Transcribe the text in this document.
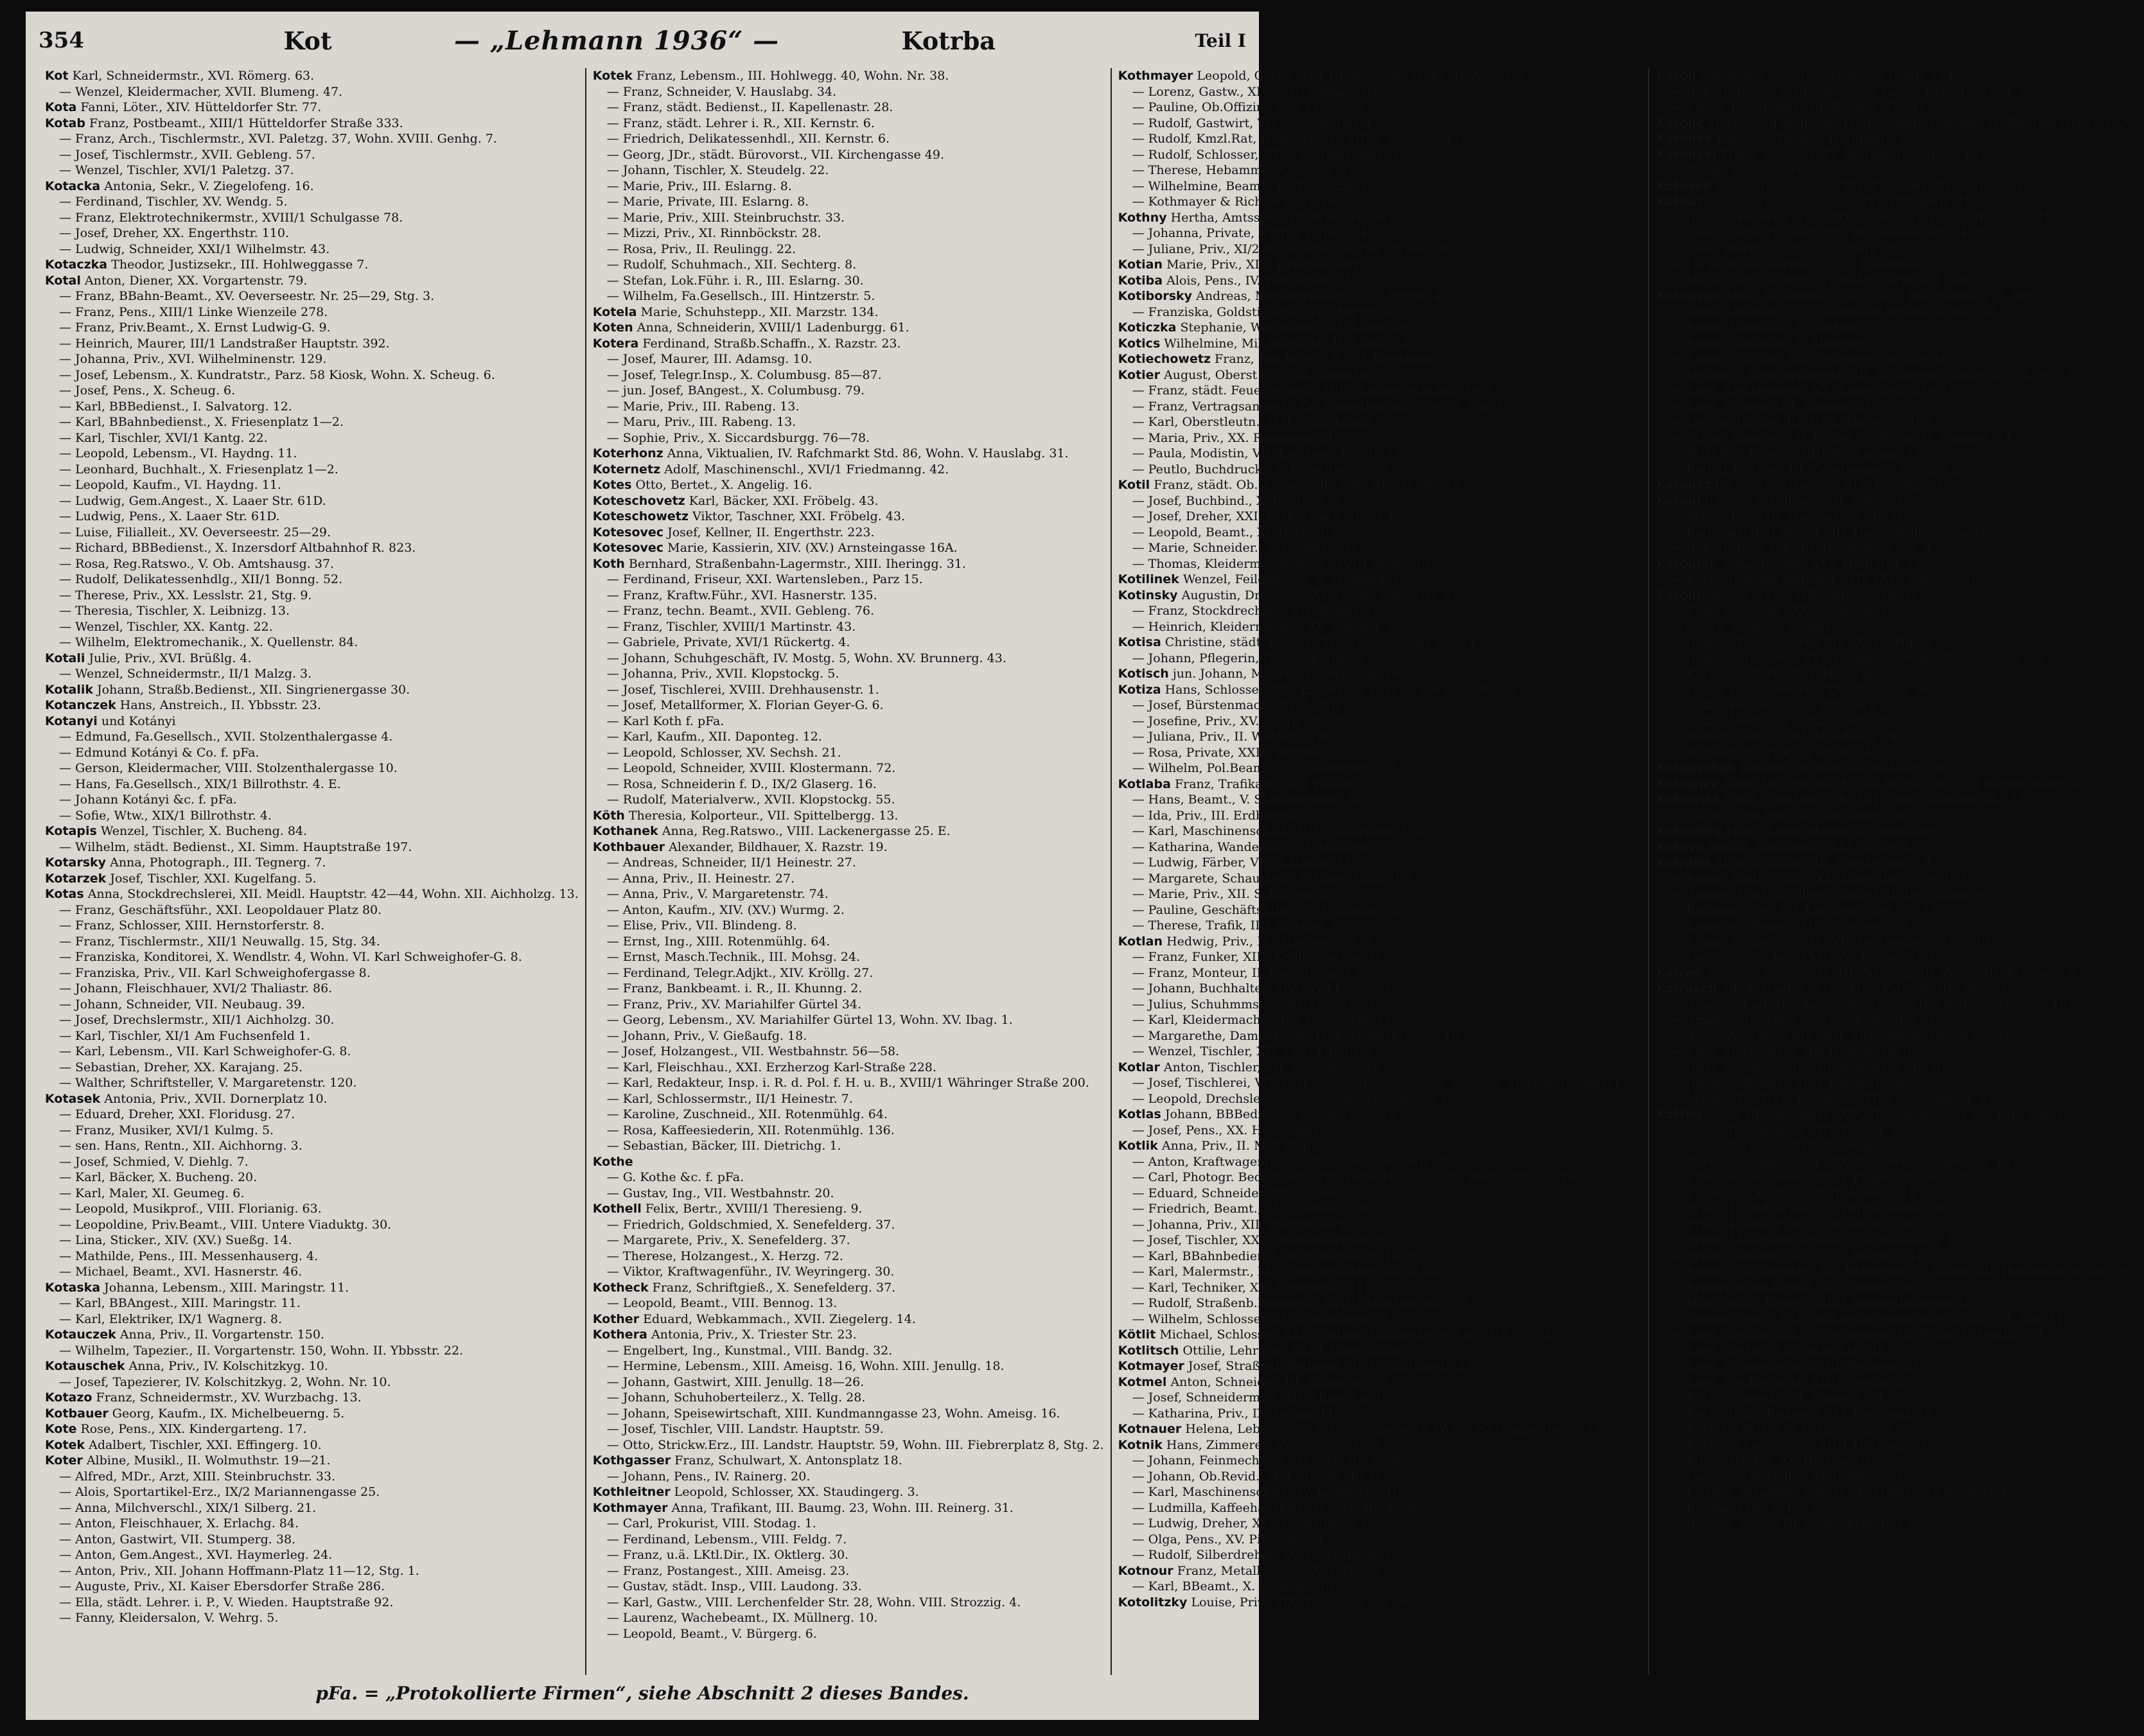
354	Kot	— „Lehmann 1936“ —	Kotrba	Teil I

Kot Karl, Schneidermstr., XVI. Römerg. 63.

— Wenzel, Kleidermacher, XVII. Blumeng. 47.

Kota Fanni, Löter., XIV. Hütteldorfer Str. 77.

Kotab Franz, Postbeamt., XIII/1 Hütteldorfer Straße 333.

— Franz, Arch., Tischlermstr., XVI. Paletzg. 37, Wohn. XVIII. Genhg. 7.

— Josef, Tischlermstr., XVII. Gebleng. 57.

— Wenzel, Tischler, XVI/1 Paletzg. 37.

Kotacka Antonia, Sekr., V. Ziegelofeng. 16.

— Ferdinand, Tischler, XV. Wendg. 5.

— Franz, Elektrotechnikermstr., XVIII/1 Schulgasse 78.

— Josef, Dreher, XX. Engerthstr. 110.

— Ludwig, Schneider, XXI/1 Wilhelmstr. 43.

Kotaczka Theodor, Justizsekr., III. Hohlweggasse 7.

Kotal Anton, Diener, XX. Vorgartenstr. 79.

— Franz, BBahn-Beamt., XV. Oeverseestr. Nr. 25—29, Stg. 3.

— Franz, Pens., XIII/1 Linke Wienzeile 278.

— Franz, Priv.Beamt., X. Ernst Ludwig-G. 9.

— Heinrich, Maurer, III/1 Landstraßer Hauptstr. 392.

— Johanna, Priv., XVI. Wilhelminenstr. 129.

— Josef, Lebensm., X. Kundratstr., Parz. 58 Kiosk, Wohn. X. Scheug. 6.

— Josef, Pens., X. Scheug. 6.

— Karl, BBBedienst., I. Salvatorg. 12.

— Karl, BBahnbedienst., X. Friesenplatz 1—2.

— Karl, Tischler, XVI/1 Kantg. 22.

— Leopold, Lebensm., VI. Haydng. 11.

— Leonhard, Buchhalt., X. Friesenplatz 1—2.

— Leopold, Kaufm., VI. Haydng. 11.

— Ludwig, Gem.Angest., X. Laaer Str. 61D.

— Ludwig, Pens., X. Laaer Str. 61D.

— Luise, Filialleit., XV. Oeverseestr. 25—29.

— Richard, BBBedienst., X. Inzersdorf Altbahnhof R. 823.

— Rosa, Reg.Ratswo., V. Ob. Amtshausg. 37.

— Rudolf, Delikatessenhdlg., XII/1 Bonng. 52.

— Therese, Priv., XX. Lesslstr. 21, Stg. 9.

— Theresia, Tischler, X. Leibnizg. 13.

— Wenzel, Tischler, XX. Kantg. 22.

— Wilhelm, Elektromechanik., X. Quellenstr. 84.

Kotali Julie, Priv., XVI. Brüßlg. 4.

— Wenzel, Schneidermstr., II/1 Malzg. 3.

Kotalik Johann, Straßb.Bedienst., XII. Singrienergasse 30.

Kotanczek Hans, Anstreich., II. Ybbsstr. 23.

Kotanyi und Kotányi

— Edmund, Fa.Gesellsch., XVII. Stolzenthalergasse 4.

— Edmund Kotányi & Co. f. pFa.

— Gerson, Kleidermacher, VIII. Stolzenthalergasse 10.

— Hans, Fa.Gesellsch., XIX/1 Billrothstr. 4. E.

— Johann Kotányi &c. f. pFa.

— Sofie, Wtw., XIX/1 Billrothstr. 4.

Kotapis Wenzel, Tischler, X. Bucheng. 84.

— Wilhelm, städt. Bedienst., XI. Simm. Hauptstraße 197.

Kotarsky Anna, Photograph., III. Tegnerg. 7.

Kotarzek Josef, Tischler, XXI. Kugelfang. 5.

Kotas Anna, Stockdrechslerei, XII. Meidl. Hauptstr. 42—44, Wohn. XII. Aichholzg. 13.

— Franz, Geschäftsführ., XXI. Leopoldauer Platz 80.

— Franz, Schlosser, XIII. Hernstorferstr. 8.

— Franz, Tischlermstr., XII/1 Neuwallg. 15, Stg. 34.

— Franziska, Konditorei, X. Wendlstr. 4, Wohn. VI. Karl Schweighofer-G. 8.

— Franziska, Priv., VII. Karl Schweighofergasse 8.

— Johann, Fleischhauer, XVI/2 Thaliastr. 86.

— Johann, Schneider, VII. Neubaug. 39.

— Josef, Drechslermstr., XII/1 Aichholzg. 30.

— Karl, Tischler, XI/1 Am Fuchsenfeld 1.

— Karl, Lebensm., VII. Karl Schweighofer-G. 8.

— Sebastian, Dreher, XX. Karajang. 25.

— Walther, Schriftsteller, V. Margaretenstr. 120.

Kotasek Antonia, Priv., XVII. Dornerplatz 10.

— Eduard, Dreher, XXI. Floridusg. 27.

— Franz, Musiker, XVI/1 Kulmg. 5.

— sen. Hans, Rentn., XII. Aichhorng. 3.

— Josef, Schmied, V. Diehlg. 7.

— Karl, Bäcker, X. Bucheng. 20.

— Karl, Maler, XI. Geumeg. 6.

— Leopold, Musikprof., VIII. Florianig. 63.

— Leopoldine, Priv.Beamt., VIII. Untere Viaduktg. 30.

— Lina, Sticker., XIV. (XV.) Sueßg. 14.

— Mathilde, Pens., III. Messenhauserg. 4.

— Michael, Beamt., XVI. Hasnerstr. 46.

Kotaska Johanna, Lebensm., XIII. Maringstr. 11.

— Karl, BBAngest., XIII. Maringstr. 11.

— Karl, Elektriker, IX/1 Wagnerg. 8.

Kotauczek Anna, Priv., II. Vorgartenstr. 150.

— Wilhelm, Tapezier., II. Vorgartenstr. 150, Wohn. II. Ybbsstr. 22.

Kotauschek Anna, Priv., IV. Kolschitzkyg. 10.

— Josef, Tapezierer, IV. Kolschitzkyg. 2, Wohn. Nr. 10.

Kotazo Franz, Schneidermstr., XV. Wurzbachg. 13.

Kotbauer Georg, Kaufm., IX. Michelbeuerng. 5.

Kote Rose, Pens., XIX. Kindergarteng. 17.

Kotek Adalbert, Tischler, XXI. Effingerg. 10.

Koter Albine, Musikl., II. Wolmuthstr. 19—21.

— Alfred, MDr., Arzt, XIII. Steinbruchstr. 33.

— Alois, Sportartikel-Erz., IX/2 Mariannengasse 25.

— Anna, Milchverschl., XIX/1 Silberg. 21.

— Anton, Fleischhauer, X. Erlachg. 84.

— Anton, Gastwirt, VII. Stumperg. 38.

— Anton, Gem.Angest., XVI. Haymerleg. 24.

— Anton, Priv., XII. Johann Hoffmann-Platz 11—12, Stg. 1.

— Auguste, Priv., XI. Kaiser Ebersdorfer Straße 286.

— Ella, städt. Lehrer. i. P., V. Wieden. Hauptstraße 92.

— Fanny, Kleidersalon, V. Wehrg. 5.

Kotek Franz, Lebensm., III. Hohlwegg. 40, Wohn. Nr. 38.

— Franz, Schneider, V. Hauslabg. 34.

— Franz, städt. Bedienst., II. Kapellenastr. 28.

— Franz, städt. Lehrer i. R., XII. Kernstr. 6.

— Friedrich, Delikatessenhdl., XII. Kernstr. 6.

— Georg, JDr., städt. Bürovorst., VII. Kirchengasse 49.

— Johann, Tischler, X. Steudelg. 22.

— Marie, Priv., III. Eslarng. 8.

— Marie, Private, III. Eslarng. 8.

— Marie, Priv., XIII. Steinbruchstr. 33.

— Mizzi, Priv., XI. Rinnböckstr. 28.

— Rosa, Priv., II. Reulingg. 22.

— Rudolf, Schuhmach., XII. Sechterg. 8.

— Stefan, Lok.Führ. i. R., III. Eslarng. 30.

— Wilhelm, Fa.Gesellsch., III. Hintzerstr. 5.

Kotela Marie, Schuhstepp., XII. Marzstr. 134.

Koten Anna, Schneiderin, XVIII/1 Ladenburgg. 61.

Kotera Ferdinand, Straßb.Schaffn., X. Razstr. 23.

— Josef, Maurer, III. Adamsg. 10.

— Josef, Telegr.Insp., X. Columbusg. 85—87.

— jun. Josef, BAngest., X. Columbusg. 79.

— Marie, Priv., III. Rabeng. 13.

— Maru, Priv., III. Rabeng. 13.

— Sophie, Priv., X. Siccardsburgg. 76—78.

Koterhonz Anna, Viktualien, IV. Rafchmarkt Std. 86, Wohn. V. Hauslabg. 31.

Koternetz Adolf, Maschinenschl., XVI/1 Friedmanng. 42.

Kotes Otto, Bertet., X. Angelig. 16.

Koteschovetz Karl, Bäcker, XXI. Fröbelg. 43.

Koteschowetz Viktor, Taschner, XXI. Fröbelg. 43.

Kotesovec Josef, Kellner, II. Engerthstr. 223.

Kotesovec Marie, Kassierin, XIV. (XV.) Arnsteingasse 16A.

Koth Bernhard, Straßenbahn-Lagermstr., XIII. Iheringg. 31.

— Ferdinand, Friseur, XXI. Wartensleben., Parz 15.

— Franz, Kraftw.Führ., XVI. Hasnerstr. 135.

— Franz, techn. Beamt., XVII. Gebleng. 76.

— Franz, Tischler, XVIII/1 Martinstr. 43.

— Gabriele, Private, XVI/1 Rückertg. 4.

— Johann, Schuhgeschäft, IV. Mostg. 5, Wohn. XV. Brunnerg. 43.

— Johanna, Priv., XVII. Klopstockg. 5.

— Josef, Tischlerei, XVIII. Drehhausenstr. 1.

— Josef, Metallformer, X. Florian Geyer-G. 6.

— Karl Koth f. pFa.

— Karl, Kaufm., XII. Daponteg. 12.

— Leopold, Schlosser, XV. Sechsh. 21.

— Leopold, Schneider, XVIII. Klostermann. 72.

— Rosa, Schneiderin f. D., IX/2 Glaserg. 16.

— Rudolf, Materialverw., XVII. Klopstockg. 55.

Köth Theresia, Kolporteur., VII. Spittelbergg. 13.

Kothanek Anna, Reg.Ratswo., VIII. Lackenergasse 25. E.

Kothbauer Alexander, Bildhauer, X. Razstr. 19.

— Andreas, Schneider, II/1 Heinestr. 27.

— Anna, Priv., II. Heinestr. 27.

— Anna, Priv., V. Margaretenstr. 74.

— Anton, Kaufm., XIV. (XV.) Wurmg. 2.

— Elise, Priv., VII. Blindeng. 8.

— Ernst, Ing., XIII. Rotenmühlg. 64.

— Ernst, Masch.Technik., III. Mohsg. 24.

— Ferdinand, Telegr.Adjkt., XIV. Kröllg. 27.

— Franz, Bankbeamt. i. R., II. Khunng. 2.

— Franz, Priv., XV. Mariahilfer Gürtel 34.

— Georg, Lebensm., XV. Mariahilfer Gürtel 13, Wohn. XV. Ibag. 1.

— Johann, Priv., V. Gießaufg. 18.

— Josef, Holzangest., VII. Westbahnstr. 56—58.

— Karl, Fleischhau., XXI. Erzherzog Karl-Straße 228.

— Karl, Redakteur, Insp. i. R. d. Pol. f. H. u. B., XVIII/1 Währinger Straße 200.

— Karl, Schlossermstr., II/1 Heinestr. 7.

— Karoline, Zuschneid., XII. Rotenmühlg. 64.

— Rosa, Kaffeesiederin, XII. Rotenmühlg. 136.

— Sebastian, Bäcker, III. Dietrichg. 1.

Kothe

— G. Kothe &c. f. pFa.

— Gustav, Ing., VII. Westbahnstr. 20.

Kothell Felix, Bertr., XVIII/1 Theresieng. 9.

— Friedrich, Goldschmied, X. Senefelderg. 37.

— Margarete, Priv., X. Senefelderg. 37.

— Therese, Holzangest., X. Herzg. 72.

— Viktor, Kraftwagenführ., IV. Weyringerg. 30.

Kotheck Franz, Schriftgieß., X. Senefelderg. 37.

— Leopold, Beamt., VIII. Bennog. 13.

Kother Eduard, Webkammach., XVII. Ziegelerg. 14.

Kothera Antonia, Priv., X. Triester Str. 23.

— Engelbert, Ing., Kunstmal., VIII. Bandg. 32.

— Hermine, Lebensm., XIII. Ameisg. 16, Wohn. XIII. Jenullg. 18.

— Johann, Gastwirt, XIII. Jenullg. 18—26.

— Johann, Schuhoberteilerz., X. Tellg. 28.

— Johann, Speisewirtschaft, XIII. Kundmanngasse 23, Wohn. Ameisg. 16.

— Josef, Tischler, VIII. Landstr. Hauptstr. 59.

— Otto, Strickw.Erz., III. Landstr. Hauptstr. 59, Wohn. III. Fiebrerplatz 8, Stg. 2.

Kothgasser Franz, Schulwart, X. Antonsplatz 18.

— Johann, Pens., IV. Rainerg. 20.

Kothleitner Leopold, Schlosser, XX. Staudingerg. 3.

Kothmayer Anna, Trafikant, III. Baumg. 23, Wohn. III. Reinerg. 31.

— Carl, Prokurist, VIII. Stodag. 1.

— Ferdinand, Lebensm., VIII. Feldg. 7.

— Franz, u.ä. LKtl.Dir., IX. Oktlerg. 30.

— Franz, Postangest., XIII. Ameisg. 23.

— Gustav, städt. Insp., VIII. Laudong. 33.

— Karl, Gastw., VIII. Lerchenfelder Str. 28, Wohn. VIII. Strozzig. 4.

— Laurenz, Wachebeamt., IX. Müllnerg. 10.

— Leopold, Beamt., V. Bürgerg. 6.

Kothmayer Leopold, Gastw., II/1 Heinestr. 30, Wohn. II. Aloisg. 1.

— Lorenz, Gastw., XIV. (XV.) Ullmannstr. 55.

— Pauline, Ob.Offizin., IX/1 Kruseg. 2.

— Rudolf, Gastwirt, VII. Gutenbergg. 13.

— Rudolf, Kmzl.Rat, Holzverbrkt., XIII/1 Auhofstr. 118.

— Rudolf, Schlosser, XXI/5 Wurmbrandg. 3.

— Therese, Hebamme, X. Waldg. 54.

— Wilhelmine, Beamt., IV. Kaunitzg. 1.

— Kothmayer & Richter &c. f. pFa.

Kothny Hertha, Amtssekr., IX. Wiederhoferg. 5.

— Johanna, Private, XVIII/1 Riglerg. 4.

— Juliane, Priv., XI/2 Kaiser-Ebersdorfer Straße 290.

Kotian Marie, Priv., XIII. Drechausestr. 7.

Kotiba Alois, Pens., IV. Wohllebeng. 5.

Kotiborsky Andreas, Metalldrucker, XVI/2 Hippg. 4.

— Franziska, Goldstickerei, XVI. Hippg. 4.

Koticzka Stephanie, Weißnäher., III. Klimschg. 30.

Kotics Wilhelmine, Milchverschl., II. Floßg. 1A.

Kotiechowetz Franz, Bez.Insp. i. R., VI. Bredanstr. 5.

Kotier August, Oberst i. R., XX. Brigittag. 5.

— Franz, städt. Feuerwehrm., XVI. Maulbertschplatz 4—5.

— Franz, Vertragsangest., XX. Engerthstraße 83—97, Stg. 13.

— Karl, Oberstleutn., IX/1 Schlickplatz 6.

— Maria, Priv., XX. Romanog. 21.

— Paula, Modistin, VII. Lerchenfeld. Str. 13.

— Peutlo, Buchdruck., X. Favoritenstr. 29.

Kotil Franz, städt. Ob. Amtsgehilfe i. R., XI/2 Dorfg. 13.

— Josef, Buchbind., X. Rumbyg. 3.

— Josef, Dreher, XXI. Erzherzog Karl-Str. 65—79.

— Leopold, Beamt., XI. Dorfg. 63.

— Marie, Schneider., X. Leibnizg. 36.

— Thomas, Kleidermachermstr., XVI/1 Wattg. 61.

Kotilinek Wenzel, Feilenhauer, X. Weldeng. 16.

Kotinsky Augustin, Drechsler, XV. Goldschlaggasse 23.

— Franz, Stockdrechsler, XII. Bonng. 16—18.

— Heinrich, Kleidermacher, XV. Kanneg. 16.

Kotisa Christine, städt. Lehrer., XI. Schönbrunner Str. 44.

— Johann, Pflegerin, II. Gr. Sperlg. 36.

Kotisch jun. Johann, Maurer, V. Johannag. 19.

Kotiza Hans, Schlosser, XXI. Erzherzog Karl-Straße 65—79, Stg. 9.

— Josef, Bürstenmach., XV. Löhrg. 28.

— Josefine, Priv., XV. Löhrg. 28, Stg. 3.

— Juliana, Priv., II. Wehlistr. 140.

— Rosa, Private, XXI/3 Ruthnerg. 16.

— Wilhelm, Pol.Beamt., II/1 Radingerstr. 9.

Kotlaba Franz, Trafikant, III/1 Fasang. 52.

— Hans, Beamt., V. Schönbrunner Str. 35.

— Ida, Priv., III. Erdbergstr. 28.

— Karl, Maschinenschlof., II/1 Zufahrtsstr. 132.

— Katharina, Wanderhdl., VI. Mollardg. 37.

— Ludwig, Färber, VI. Mollardg. 37.

— Margarete, Schausteil., X. Laaer Wald 105.

— Marie, Priv., XII. Schallerg. 23.

— Pauline, Geschäftsführ., VI. Mollardg. 32.

— Therese, Trafik, II/1 Zirkusg. 7.

Kotlan Hedwig, Priv., IX. Alserbachstr. 7.

— Franz, Funker, XIII. Kanitscherweg 6.

— Franz, Monteur, II. Gestetteng. 1A.

— Johann, Buchhalter, XIV. (XV.) Fenzlg. 1.

— Julius, Schuhmmstr., XXI/3 Oberdorfstr. 27.

— Karl, Kleidermacher, II/1 Leopoldsg. 11.

— Margarethe, Damenkleid., IV. Kolschitzkygasse 19.

— Wenzel, Tischler, XIV. (XV.) Pillerg. 13.

Kotlar Anton, Tischler, XII. Wolfgangg. 48.

— Josef, Tischlerei, VII. Karl Schweighofergasse 8, Wohn. V. Margaretengürtel 22.

— Leopold, Drechslermstr., V. Schwarzhorngasse 10.

Kotlas Johann, BBBedienst., II. Am Tabor 14.

— Josef, Pens., XX. Hellwagstr. 21.

Kotlik Anna, Priv., II. Malfattig. 1—5.

— Anton, Kraftwagenführ., XXI/5 Steinbrecherg. 38.

— Carl, Photogr. Bedarfsart., XIX. Döbl. Hauptstr. 26, Wohn. XXI. Carrog. 13—17.

— Eduard, Schneider, XIX. Cobenzlg. 101.

— Friedrich, Beamt., XVII. Gebleng. 93.

— Johanna, Priv., XII. Pachmüllerg. 3.

— Josef, Tischler, XXI. Shuttleworthstr. 9.

— Karl, BBahnbedienst., II. Schüttaustr. 1—39.

— Karl, Malermstr., XVI. Lerchenfelder Gürtel 24.

— Karl, Techniker, XX. Engerthstr. 112.

— Rudolf, Straßenb.Bedienst., XVII/1 Montleartstr. 53.

— Wilhelm, Schlosser, XV. Brunhildeng. 3.

Kötlit Michael, Schlosser, XXI. Stadlau, Mühlwaberg, Parz. R.P. 350/4.

Kotlitsch Ottilie, Lehrerin, XXI/1 Flurschützstr. 8.

Kotmayer Josef, Straßenb.Bedienst., II/3 Schüttaustr. 29.

Kotmel Anton, Schneider, III. Klimschg. 20.

— Josef, Schneidermstr., III. Klimschg. 17.

— Katharina, Priv., IX. Bergg. 11.

Kotnauer Helena, Lebensm., XX. Wintergasse 33, Wohn. XX. Pappenheim. 49.

Kotnik Hans, Zimmerer, XVI. Seebödg. 24.

— Johann, Feinmechanik., IX. Strudlhofg. 8.

— Johann, Ob.Revid., IX/1 Strudlhofg. 8.

— Karl, Maschinenschlof., IV. Lambertg. 16.

— Ludmilla, Kaffeehausbed., IX. Strudlhofg. 8.

— Ludwig, Dreher, XVI. Pilgerimg. 13.

— Olga, Pens., XV. Pilgerimg. 13.

— Rudolf, Silberdreher, XV. Tautenhang. 12.

Kotnour Franz, Metallschleif., XVI. Hippg. 32.

— Karl, BBeamt., X. Senefelderg. 23.

Kotolitzky Louise, Priv., XIX. Weimarer Str. 96.

Koton Oskar, Ing., XX. Brigittenauer Lände 134.

— Robert, Ing., XX. Brigittenauer Lände 134—136, Stg. 2.

— Viktor, Priv.Beamt., III. Baumg. 37—41.

Kotonc Maria, Geflügelhdlg., IV. Rafchmarkt, Wohn. XI. Breitenfurter Str. 26.

Kotonek Karoline, Beamt., II. Jungstr. 8.

Kotonski Franz, Juwelier, XV. Mariahilfer Straße 131.

— Marie, V. Schönbrunner Str. 85.

Kotosek Josef, Modelltischl., XXI. Fultonstr. Nr. 5—15, Stg. 3.

Kotouc Auguste, städt. Angest., XVI. Effingerg. 31.

— Johann, Feuerwehrm., XXI. Schwarzlackenau, Hauptstr. 21.

— Josef, Gastwirtschaft, XXI. Breitenleer Str. 24. E.

— Josef, Werkführ., XII/1 Ruckerg. 49.

— Leopold, Kleidermach., XX. Traunfelsg. 6.

— Marie, Geflügelhdlg., IV. Rafchmarkt Std. 304.

Kotoucek Adolf, Schuhmach., XIV. (XV.) Reichsapfelg. 9, Stg. 2.

— Anna, Lebensm., XXI. Jedleseer Straße Nr. 68—94.

— Franz, Buchhalt., V. Garteng. 6.

— Franz, Schlosser, V. Alzingerg. 6.

— Franz, Tischler, XXI. Jedleseer Str. 68—94.

— Heinrich, Vertragsangest., III. Erdberger Lände 52—54, Stg. 10.

— Josef, Elektromont., XX. Engerthstr. 83—97.

— Josef, Friseur, II/1 Rueppg. 24.

— Lorenz, Bäcker, III. Heiß. Hauptstr. 108.

— Marie, Karussell, II. Prater 69, Wohn. II. Rueppg. 24.

— Mathilde, Private, III/1 Wolfgangg. 33.

— Rudolf, Gärtner, III. Grasbergerg. 4, Stg. 42.

Kotoucz Johann, Ind.Angest., XIX. Friedlg. 24.

Kotoul Johann, Schriftsetz., II. Lußtg. 12.

— Marie, Priv., III. Hainburger Str. 41.

— Raimund, Berf.Beamt., III. Hagenmüllergasse 16.

— Robert, Insp. i. P., III. Hainburger Str. 47.

Kotoulek Anna, Beamt., XVI. Hofftattg. 14.

— Karl, Straßenb.Bedienst., XIV. (XV.) Johnstr. 39.

Kotoun Alojsia, Priv., XIII. Miffindorferstr. 25.

— Elise, Lebensm., XX. Othmarg. 16.

— Georg, Pens., V. Zaunerstr. 81.

— Johann, Bronzewaren-Erz., XVI/2 Hippg. 20.

— Johann, Metallwr., XVI. Hippg. 20, Wohn. XV. Gableng. 33.

— Karl, Metallarb., XVI. Haberlg. 5.

— Laura, Gebäudeverw., XX. Othmarg. 16.

— Oskar, Kellner, XXI/1 Effingerg. 31.

— Oskar, Mechanik., XXI. Avedikstr. 27.

— Rudolf, Gastw., XIII. Mondweg, Parz. 6.

— Wilhelm, XXI/1 Kupperschg. 4.

Kotouschek Johann, Tischler, XX. Rafaelg. 28.

Kotowicz Adolf, JDr., Fin.Rat b. Tab.Regie i. R., IX/1 Bereinsstiege 4.

Kotowski Ernst, Oberlehr. i. R., II/1 Obere Donaustraße 33.

— Viktor, Gym.Prof., X. Gudrunstr. 166.

Kotowsky Hans, Konstrukteur, X. Patrubang. 29.

Kotoyc Rudolf, Kassamstr., XXI. Grafg. 6.

Kotraba Alois, Schuhm., III. Grasbergerg. 4.

— Anton, Kraftw.Führ., XX. Engerthstr. 99—109.

— August, Gold- u. Silberschmied, II. Dietrichgasse 6.

— Barbara, Priv., VII. Lerchenfelder Str. 13.

— Eugenia, Pfleger., XII. Schallerg. 39.

— Franz, Schneidermstr., VII. Lerchenfelder Str. 13.

— Leopold, Stricker, XVI/1 Zöchbauerstr. 4.

Kotraš Anton, Schuhmmstr., III. Adamsg. 10, Wohn. III. Kriegerg. 8.

Kotrasch Adolf, städt. Lehrer, XII/2 Pottendorfer Str. 23.

— Amalie, städt. Handarbeitslehrerin, XII/2 Pottendorfer Str. 107.

— Amalie, Strickerin, XV. Neubaugürtel 31.

— Anna, Wäschewr.Erz., XII. Altmannsdorfer Straße 187.

— Emil, Amtswart, V. Am Hundsturm 9.

— Josef, Monteur, XII/2 Breitenfurter Str. 96.

— Josefine, Beamt., XII/1 Längenfeldg. 68.

— Martin, Fin.W.Ob.Kommiss., XII/1 Schwaigerg. 21.

Kotrba Adolf, BBahnangest., XIX. Heiligenstädter Str. 146, Stg. 2.

— Adolf, Tischlermstr., XII. Tivolig. 28.

— Anna, Buchhalt., XIX. Panzerg. 4.

— Berta, Musikpädagog., XX. Klosterneuburger Str. 107.

— Emanuel, Schlosser, XXI/1 Prager Str. 56—58.

— Emma, Ob.Kontroll., XIII. Ameisg. 14.

— Franz, Buchdrucker, XX. Pappenheimg. 49.

— Franz, Kraftw.Führ., X. Wielandg. 29—31.

— Franz, Maschinenschloss., XII. Neuwallg. 12.

— Franz, Schuhm., XIV. (XV.) Märzstr. 81.

— Franz, Tischlermstr., XII. Robingerg. 2, Wohn. XII. Hetzendorfer Str. 19.

— Friedrich, BBAngest., XV. Fenzlg. 20.

— Hans, städt. Lehrer, XIII/1 Simmelhofgasse 18.

— Johann, Pens., XIII. Wolkersbergenstraße Nr. 20—24, Stg. 11.

— Josef, Geflügelhdlg., V. Arbeiterg. 18, Wohn. V. Fendig. 20.

— Josef, Gerber, XX. Salzachstr. 18.

— Josef, Schneidermstr., III. Reinerg. 21.

— Josef, Tischlermstr., XII/1 Tivolig. 28.

— Karl, Schmied, XVI. Koppstr. 56.

— Karl, Straßb.Bedienst., XI. Geblingg. 14.

— Karl, Tabaktraf., XX. Apostelg. 24.

— Karl, Schlossermstr., XII/1 Herthag. 24.

— Kilian, Bäcker, XV. Herthag. 9.

— Leopold, Obsthdlg., XI. Geblingg. 15.

— Ludwig, Straßenb.Angest., X. Friedrich Knauer-G. 4.

— Regina, Priv., V. Fendig. 20.

— Rosalia, Priv., XIII. Goldschlagstr. 135.

pFa. = „Protokollierte Firmen“, siehe Abschnitt 2 dieses Bandes.
